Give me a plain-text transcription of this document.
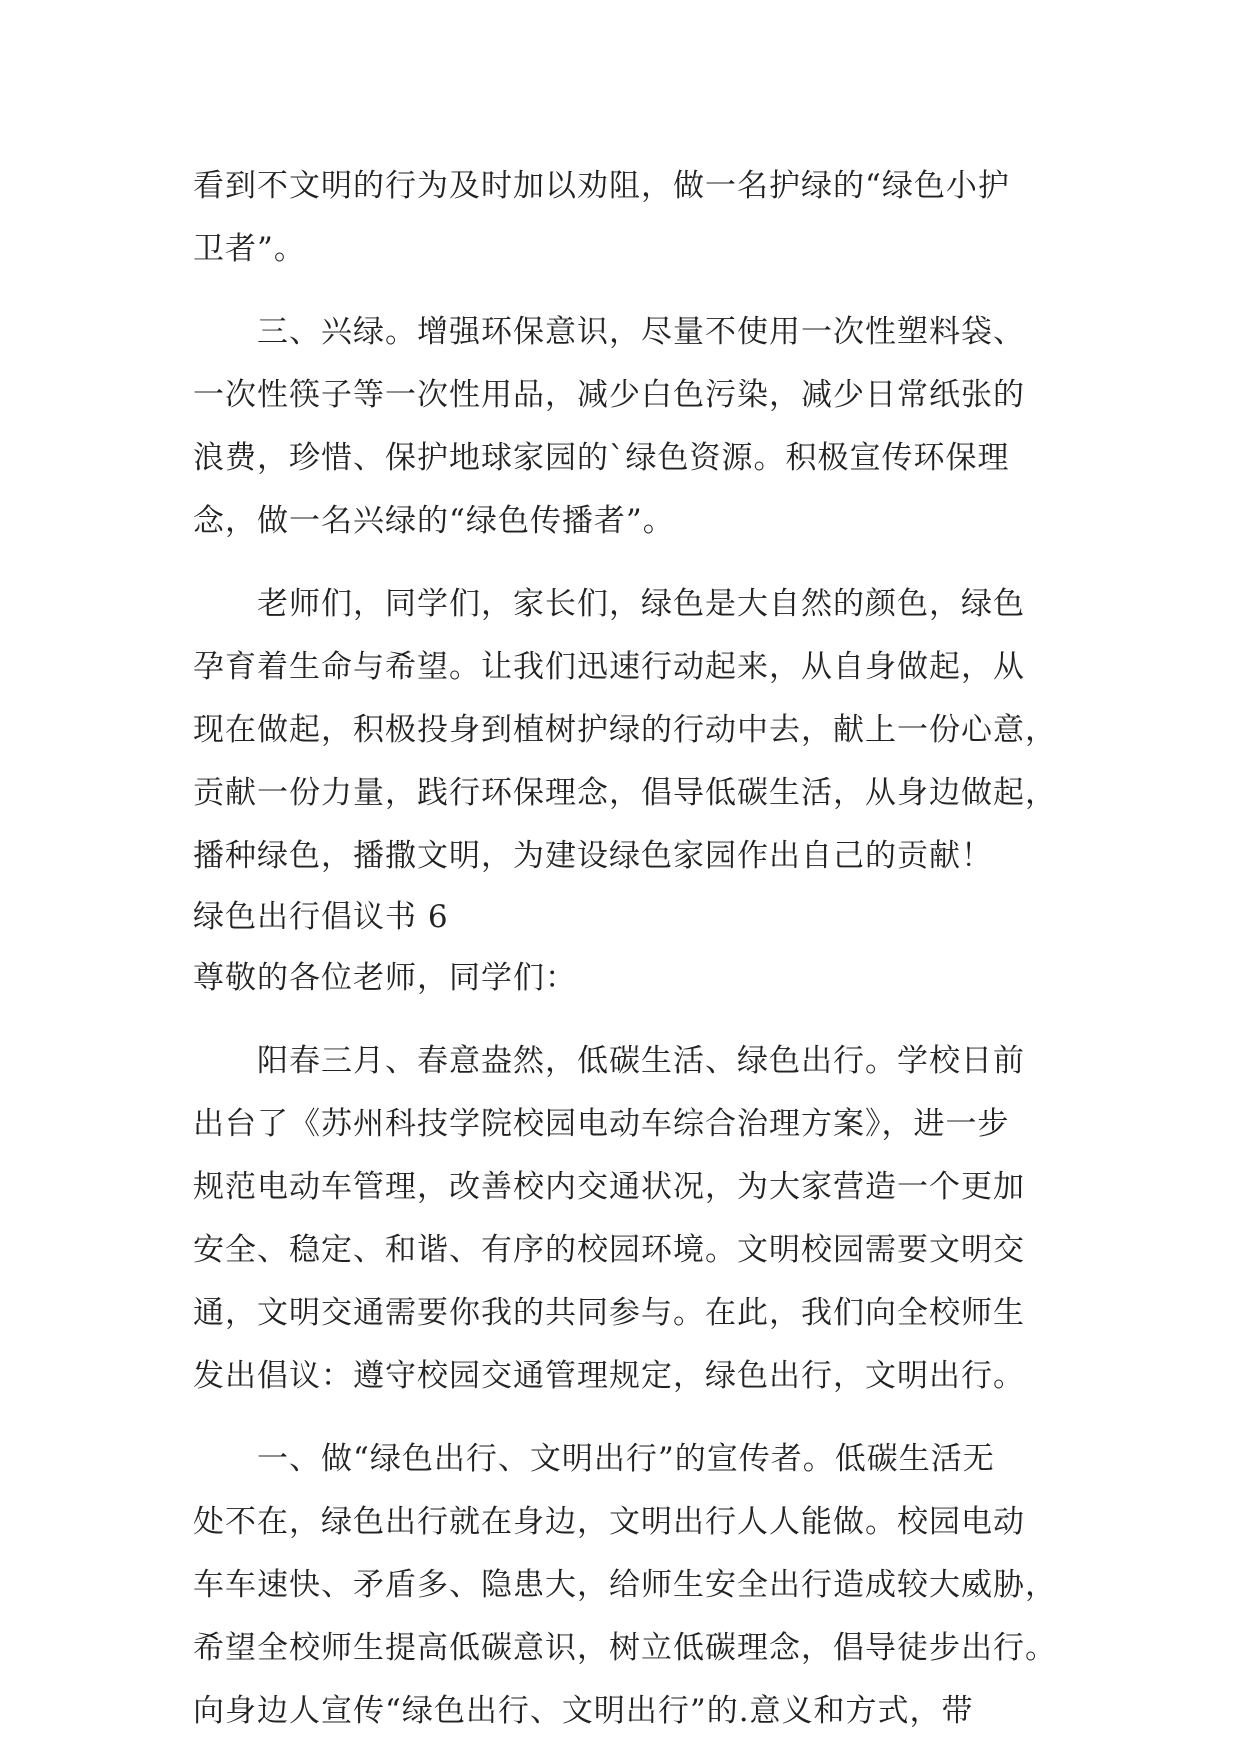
看到不文明的行为及时加以劝阻，做一名护绿的“绿色小护
卫者”。
三、兴绿。增强环保意识，尽量不使用一次性塑料袋、
一次性筷子等一次性用品，减少白色污染，减少日常纸张的
浪费，珍惜、保护地球家园的`绿色资源。积极宣传环保理
念，做一名兴绿的“绿色传播者”。
老师们，同学们，家长们，绿色是大自然的颜色，绿色
孕育着生命与希望。让我们迅速行动起来，从自身做起，从
现在做起，积极投身到植树护绿的行动中去，献上一份心意，
贡献一份力量，践行环保理念，倡导低碳生活，从身边做起，
播种绿色，播撒文明，为建设绿色家园作出自己的贡献！
绿色出行倡议书 6
尊敬的各位老师，同学们：
阳春三月、春意盎然，低碳生活、绿色出行。学校日前
出台了《苏州科技学院校园电动车综合治理方案》，进一步
规范电动车管理，改善校内交通状况，为大家营造一个更加
安全、稳定、和谐、有序的校园环境。文明校园需要文明交
通，文明交通需要你我的共同参与。在此，我们向全校师生
发出倡议：遵守校园交通管理规定，绿色出行，文明出行。
一、做“绿色出行、文明出行”的宣传者。低碳生活无
处不在，绿色出行就在身边，文明出行人人能做。校园电动
车车速快、矛盾多、隐患大，给师生安全出行造成较大威胁，
希望全校师生提高低碳意识，树立低碳理念，倡导徒步出行。
向身边人宣传“绿色出行、文明出行”的.意义和方式，带
